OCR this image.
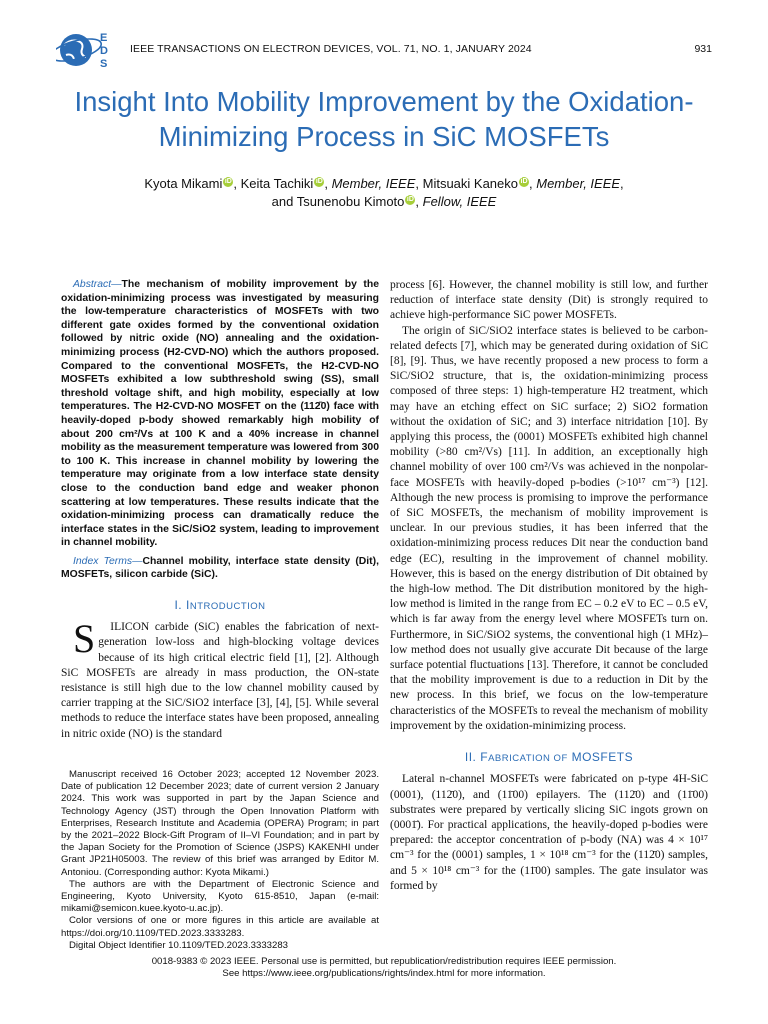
E
D
S
IEEE TRANSACTIONS ON ELECTRON DEVICES, VOL. 71, NO. 1, JANUARY 2024	931
Insight Into Mobility Improvement by the Oxidation-Minimizing Process in SiC MOSFETs
Kyota Mikami iD , Keita Tachiki iD , Member, IEEE, Mitsuaki Kaneko iD , Member, IEEE,
and Tsunenobu Kimoto iD , Fellow, IEEE

Abstract—The mechanism of mobility improvement by the oxidation-minimizing process was investigated by measuring the low-temperature characteristics of MOSFETs with two different gate oxides formed by the conventional oxidation followed by nitric oxide (NO) annealing and the oxidation-minimizing process (H2-CVD-NO) which the authors proposed. Compared to the conventional MOSFETs, the H2-CVD-NO MOSFETs exhibited a low subthreshold swing (SS), small threshold voltage shift, and high mobility, especially at low temperatures. The H2-CVD-NO MOSFET on the (112̄0) face with heavily-doped p-body showed remarkably high mobility of about 200 cm²/Vs at 100 K and a 40% increase in channel mobility as the measurement temperature was lowered from 300 to 100 K. This increase in channel mobility by lowering the temperature may originate from a low interface state density close to the conduction band edge and weaker phonon scattering at low temperatures. These results indicate that the oxidation-minimizing process can dramatically reduce the interface states in the SiC/SiO2 system, leading to improvement in channel mobility.

Index Terms—Channel mobility, interface state density (Dit), MOSFETs, silicon carbide (SiC).

I. INTRODUCTION

S ILICON carbide (SiC) enables the fabrication of next-generation low-loss and high-blocking voltage devices because of its high critical electric field [1], [2]. Although SiC MOSFETs are already in mass production, the ON-state resistance is still high due to the low channel mobility caused by carrier trapping at the SiC/SiO2 interface [3], [4], [5]. While several methods to reduce the interface states have been proposed, annealing in nitric oxide (NO) is the standard

Manuscript received 16 October 2023; accepted 12 November 2023. Date of publication 12 December 2023; date of current version 2 January 2024. This work was supported in part by the Japan Science and Technology Agency (JST) through the Open Innovation Platform with Enterprises, Research Institute and Academia (OPERA) Program; in part by the 2021–2022 Block-Gift Program of II–VI Foundation; and in part by the Japan Society for the Promotion of Science (JSPS) KAKENHI under Grant JP21H05003. The review of this brief was arranged by Editor M. Antoniou. (Corresponding author: Kyota Mikami.)

The authors are with the Department of Electronic Science and Engineering, Kyoto University, Kyoto 615-8510, Japan (e-mail: mikami@semicon.kuee.kyoto-u.ac.jp).

Color versions of one or more figures in this article are available at https://doi.org/10.1109/TED.2023.3333283.

Digital Object Identifier 10.1109/TED.2023.3333283

process [6]. However, the channel mobility is still low, and further reduction of interface state density (Dit) is strongly required to achieve high-performance SiC power MOSFETs.

The origin of SiC/SiO2 interface states is believed to be carbon-related defects [7], which may be generated during oxidation of SiC [8], [9]. Thus, we have recently proposed a new process to form a SiC/SiO2 structure, that is, the oxidation-minimizing process composed of three steps: 1) high-temperature H2 treatment, which may have an etching effect on SiC surface; 2) SiO2 formation without the oxidation of SiC; and 3) interface nitridation [10]. By applying this process, the (0001) MOSFETs exhibited high channel mobility (>80 cm²/Vs) [11]. In addition, an exceptionally high channel mobility of over 100 cm²/Vs was achieved in the nonpolar-face MOSFETs with heavily-doped p-bodies (>10¹⁷ cm⁻³) [12]. Although the new process is promising to improve the performance of SiC MOSFETs, the mechanism of mobility improvement is unclear. In our previous studies, it has been inferred that the oxidation-minimizing process reduces Dit near the conduction band edge (EC), resulting in the improvement of channel mobility. However, this is based on the energy distribution of Dit obtained by the high-low method. The Dit distribution monitored by the high-low method is limited in the range from EC – 0.2 eV to EC – 0.5 eV, which is far away from the energy level where MOSFETs turn on. Furthermore, in SiC/SiO2 systems, the conventional high (1 MHz)–low method does not usually give accurate Dit because of the large surface potential fluctuations [13]. Therefore, it cannot be concluded that the mobility improvement is due to a reduction in Dit by the new process. In this brief, we focus on the low-temperature characteristics of the MOSFETs to reveal the mechanism of mobility improvement by the oxidation-minimizing process.

II. FABRICATION OF MOSFETS

Lateral n-channel MOSFETs were fabricated on p-type 4H-SiC (0001), (112̄0), and (11̄00) epilayers. The (112̄0) and (11̄00) substrates were prepared by vertically slicing SiC ingots grown on (0001̄). For practical applications, the heavily-doped p-bodies were prepared: the acceptor concentration of p-body (NA) was 4 × 10¹⁷ cm⁻³ for the (0001) samples, 1 × 10¹⁸ cm⁻³ for the (112̄0) samples, and 5 × 10¹⁸ cm⁻³ for the (11̄00) samples. The gate insulator was formed by

0018-9383 © 2023 IEEE. Personal use is permitted, but republication/redistribution requires IEEE permission.
See https://www.ieee.org/publications/rights/index.html for more information.
